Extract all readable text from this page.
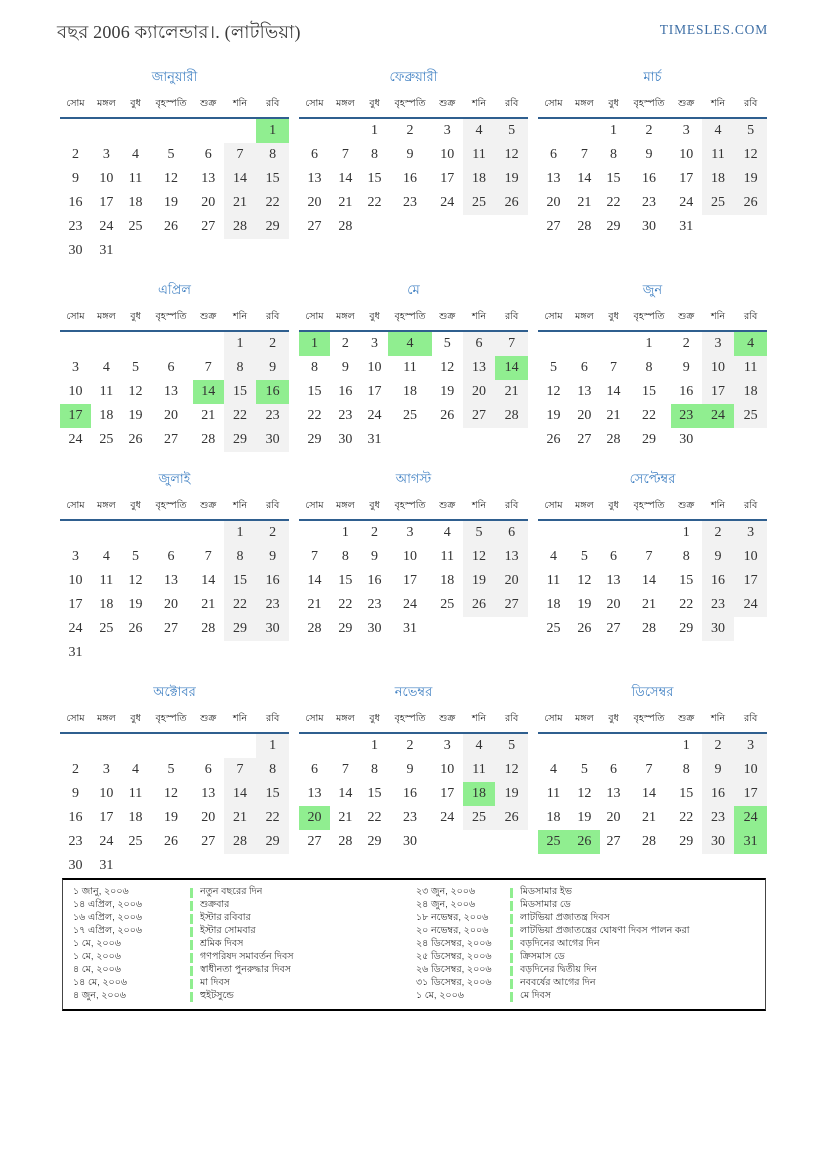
বছর 2006 ক্যালেন্ডার।. (লাটভিয়া)	TIMESLES.COM
জানুয়ারী
সোম	মঙ্গল	বুধ	বৃহস্পতি	শুক্র	শনি	রবি
						1
2	3	4	5	6	7	8
9	10	11	12	13	14	15
16	17	18	19	20	21	22
23	24	25	26	27	28	29
30	31					
ফেব্রুয়ারী
সোম	মঙ্গল	বুধ	বৃহস্পতি	শুক্র	শনি	রবি
		1	2	3	4	5
6	7	8	9	10	11	12
13	14	15	16	17	18	19
20	21	22	23	24	25	26
27	28					
মার্চ
সোম	মঙ্গল	বুধ	বৃহস্পতি	শুক্র	শনি	রবি
		1	2	3	4	5
6	7	8	9	10	11	12
13	14	15	16	17	18	19
20	21	22	23	24	25	26
27	28	29	30	31		
এপ্রিল
সোম	মঙ্গল	বুধ	বৃহস্পতি	শুক্র	শনি	রবি
					1	2
3	4	5	6	7	8	9
10	11	12	13	14	15	16
17	18	19	20	21	22	23
24	25	26	27	28	29	30
মে
সোম	মঙ্গল	বুধ	বৃহস্পতি	শুক্র	শনি	রবি
1	2	3	4	5	6	7
8	9	10	11	12	13	14
15	16	17	18	19	20	21
22	23	24	25	26	27	28
29	30	31				
জুন
সোম	মঙ্গল	বুধ	বৃহস্পতি	শুক্র	শনি	রবি
			1	2	3	4
5	6	7	8	9	10	11
12	13	14	15	16	17	18
19	20	21	22	23	24	25
26	27	28	29	30		
জুলাই
সোম	মঙ্গল	বুধ	বৃহস্পতি	শুক্র	শনি	রবি
					1	2
3	4	5	6	7	8	9
10	11	12	13	14	15	16
17	18	19	20	21	22	23
24	25	26	27	28	29	30
31						
আগস্ট
সোম	মঙ্গল	বুধ	বৃহস্পতি	শুক্র	শনি	রবি
	1	2	3	4	5	6
7	8	9	10	11	12	13
14	15	16	17	18	19	20
21	22	23	24	25	26	27
28	29	30	31			
সেপ্টেম্বর
সোম	মঙ্গল	বুধ	বৃহস্পতি	শুক্র	শনি	রবি
				1	2	3
4	5	6	7	8	9	10
11	12	13	14	15	16	17
18	19	20	21	22	23	24
25	26	27	28	29	30	
অক্টোবর
সোম	মঙ্গল	বুধ	বৃহস্পতি	শুক্র	শনি	রবি
						1
2	3	4	5	6	7	8
9	10	11	12	13	14	15
16	17	18	19	20	21	22
23	24	25	26	27	28	29
30	31					
নভেম্বর
সোম	মঙ্গল	বুধ	বৃহস্পতি	শুক্র	শনি	রবি
		1	2	3	4	5
6	7	8	9	10	11	12
13	14	15	16	17	18	19
20	21	22	23	24	25	26
27	28	29	30			
ডিসেম্বর
সোম	মঙ্গল	বুধ	বৃহস্পতি	শুক্র	শনি	রবি
				1	2	3
4	5	6	7	8	9	10
11	12	13	14	15	16	17
18	19	20	21	22	23	24
25	26	27	28	29	30	31
১ জানু, ২০০৬	নতুন বছরের দিন	২৩ জুন, ২০০৬	মিডসামার ইভ
১৪ এপ্রিল, ২০০৬	শুক্রবার	২৪ জুন, ২০০৬	মিডসামার ডে
১৬ এপ্রিল, ২০০৬	ইস্টার রবিবার	১৮ নভেম্বর, ২০০৬	লাটভিয়া প্রজাতন্ত্র দিবস
১৭ এপ্রিল, ২০০৬	ইস্টার সোমবার	২০ নভেম্বর, ২০০৬	লাটভিয়া প্রজাতন্ত্রের ঘোষণা দিবস পালন করা
১ মে, ২০০৬	শ্রমিক দিবস	২৪ ডিসেম্বর, ২০০৬	বড়দিনের আগের দিন
১ মে, ২০০৬	গণপরিষদ সমাবর্তন দিবস	২৫ ডিসেম্বর, ২০০৬	ক্রিসমাস ডে
৪ মে, ২০০৬	স্বাধীনতা পুনরুদ্ধার দিবস	২৬ ডিসেম্বর, ২০০৬	বড়দিনের দ্বিতীয় দিন
১৪ মে, ২০০৬	মা দিবস	৩১ ডিসেম্বর, ২০০৬	নববর্ষের আগের দিন
৪ জুন, ২০০৬	হুইটসুন্ডে	১ মে, ২০০৬	মে দিবস
